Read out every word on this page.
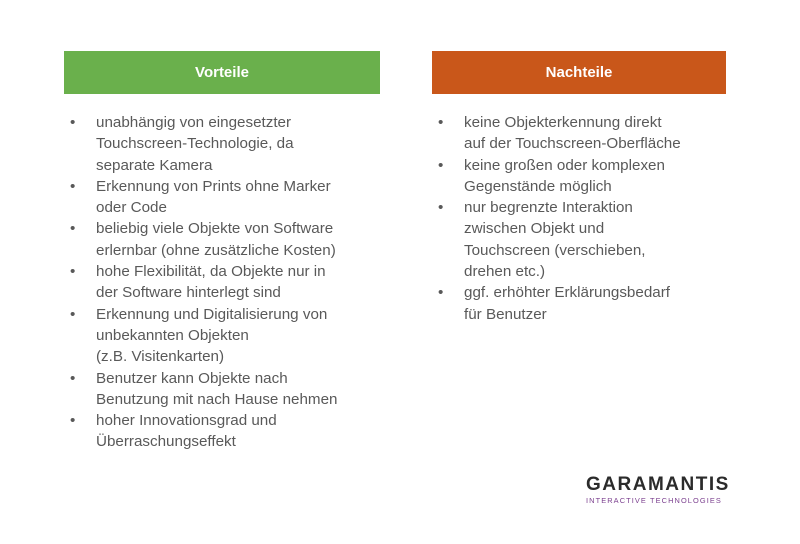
Vorteile
• unabhängig von eingesetzter
Touchscreen-Technologie, da
separate Kamera
• Erkennung von Prints ohne Marker
oder Code
• beliebig viele Objekte von Software
erlernbar (ohne zusätzliche Kosten)
• hohe Flexibilität, da Objekte nur in
der Software hinterlegt sind
• Erkennung und Digitalisierung von
unbekannten Objekten
(z.B. Visitenkarten)
• Benutzer kann Objekte nach
Benutzung mit nach Hause nehmen
• hoher Innovationsgrad und
Überraschungseffekt
Nachteile
• keine Objekterkennung direkt
auf der Touchscreen-Oberfläche
• keine großen oder komplexen
Gegenstände möglich
• nur begrenzte Interaktion
zwischen Objekt und
Touchscreen (verschieben,
drehen etc.)
• ggf. erhöhter Erklärungsbedarf
für Benutzer
GARAMANTIS
INTERACTIVE TECHNOLOGIES
